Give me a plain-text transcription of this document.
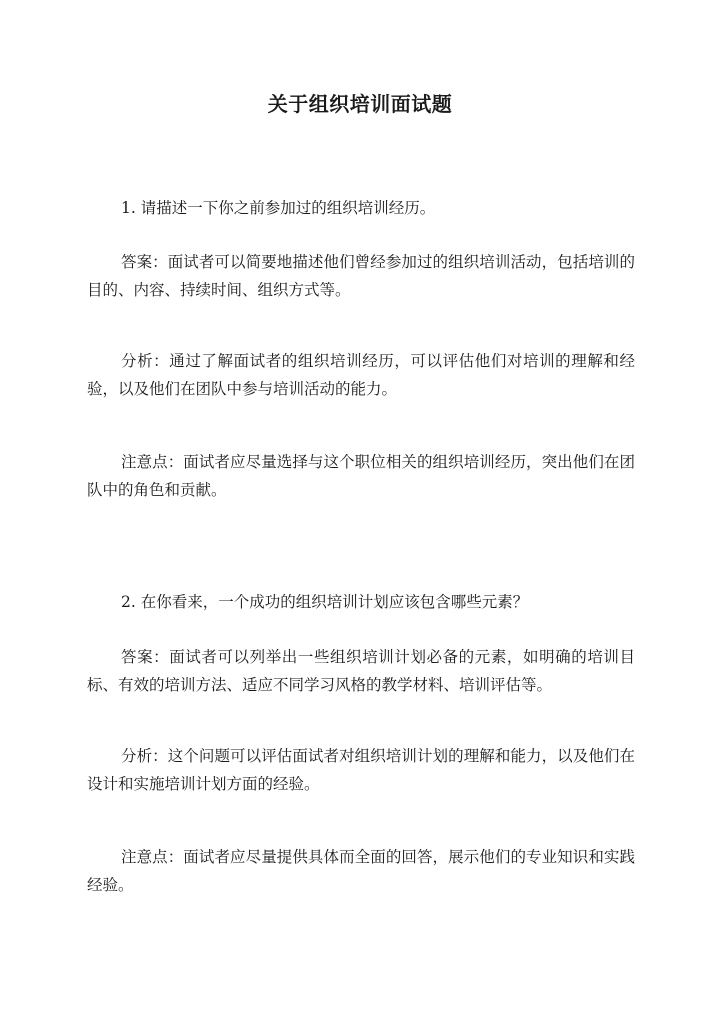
关于组织培训面试题

1. 请描述一下你之前参加过的组织培训经历。

答案：面试者可以简要地描述他们曾经参加过的组织培训活动，包括培训的目的、内容、持续时间、组织方式等。

分析：通过了解面试者的组织培训经历，可以评估他们对培训的理解和经验，以及他们在团队中参与培训活动的能力。

注意点：面试者应尽量选择与这个职位相关的组织培训经历，突出他们在团队中的角色和贡献。

2. 在你看来，一个成功的组织培训计划应该包含哪些元素？

答案：面试者可以列举出一些组织培训计划必备的元素，如明确的培训目标、有效的培训方法、适应不同学习风格的教学材料、培训评估等。

分析：这个问题可以评估面试者对组织培训计划的理解和能力，以及他们在设计和实施培训计划方面的经验。

注意点：面试者应尽量提供具体而全面的回答，展示他们的专业知识和实践经验。
